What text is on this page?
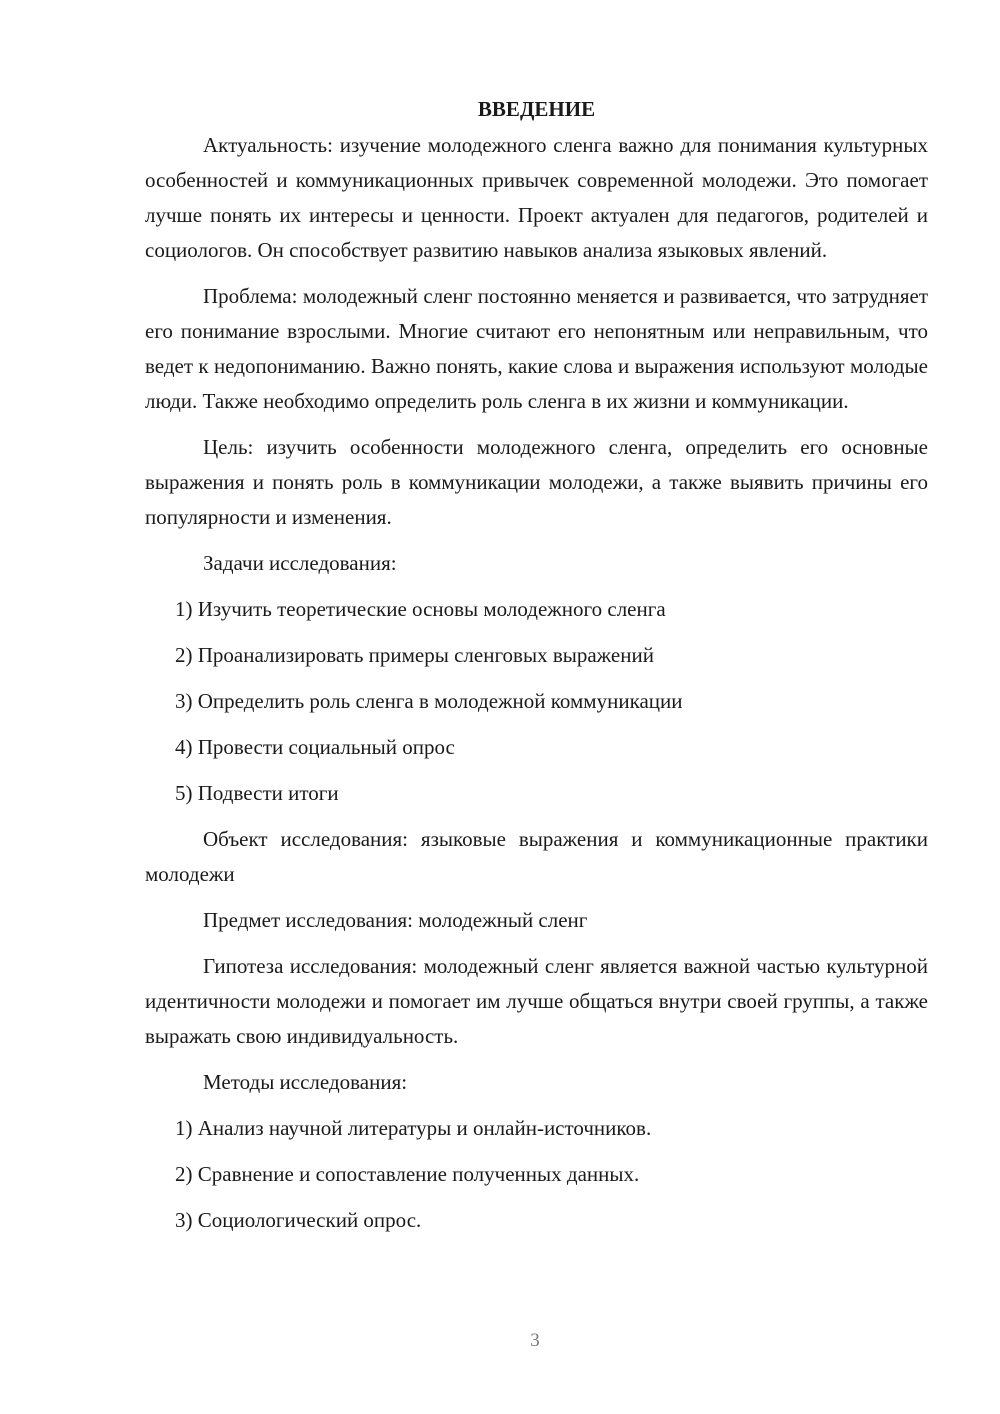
ВВЕДЕНИЕ

Актуальность: изучение молодежного сленга важно для понимания культурных особенностей и коммуникационных привычек современной молодежи. Это помогает лучше понять их интересы и ценности. Проект актуален для педагогов, родителей и социологов. Он способствует развитию навыков анализа языковых явлений.

Проблема: молодежный сленг постоянно меняется и развивается, что затрудняет его понимание взрослыми. Многие считают его непонятным или неправильным, что ведет к недопониманию. Важно понять, какие слова и выражения используют молодые люди. Также необходимо определить роль сленга в их жизни и коммуникации.

Цель: изучить особенности молодежного сленга, определить его основные выражения и понять роль в коммуникации молодежи, а также выявить причины его популярности и изменения.

Задачи исследования:

1) Изучить теоретические основы молодежного сленга
2) Проанализировать примеры сленговых выражений
3) Определить роль сленга в молодежной коммуникации
4) Провести социальный опрос
5) Подвести итоги

Объект исследования: языковые выражения и коммуникационные практики молодежи

Предмет исследования: молодежный сленг

Гипотеза исследования: молодежный сленг является важной частью культурной идентичности молодежи и помогает им лучше общаться внутри своей группы, а также выражать свою индивидуальность.

Методы исследования:

1) Анализ научной литературы и онлайн-источников.
2) Сравнение и сопоставление полученных данных.
3) Социологический опрос.
3
